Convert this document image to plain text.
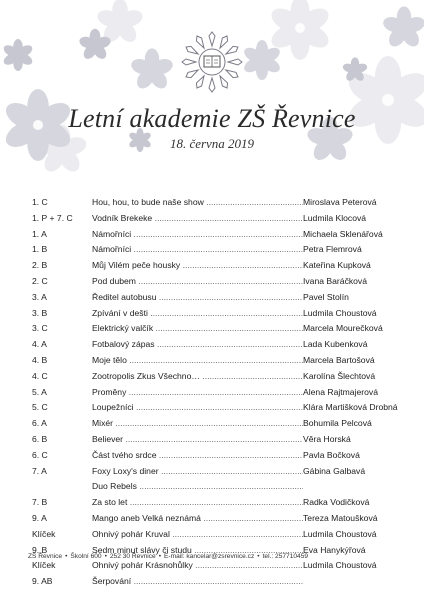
Letní akademie ZŠ Řevnice
18. června 2019
1. C	Hou, hou, to bude naše show .....	Miroslava Peterová
1. P + 7. C	Vodník Brekeke .....	Ludmila Klocová
1. A	Námořníci .....	Michaela Sklenářová
1. B	Námořníci .....	Petra Flemrová
2. B	Můj Vilém peče housky .....	Kateřina Kupková
2. C	Pod dubem .....	Ivana Baráčková
3. A	Ředitel autobusu .....	Pavel Stolín
3. B	Zpívání v dešti .....	Ludmila Choustová
3. C	Elektrický valčík .....	Marcela Mourečková
4. A	Fotbalový zápas .....	Lada Kubenková
4. B	Moje tělo .....	Marcela Bartošová
4. C	Zootropolis Zkus Všechno… .....	Karolína Šlechtová
5. A	Proměny .....	Alena Rajtmajerová
5. C	Loupežníci .....	Klára Martišková Drobná
6. A	Mixér .....	Bohumila Pelcová
6. B	Believer .....	Věra Horská
6. C	Část tvého srdce .....	Pavla Bočková
7. A	Foxy Loxy's diner .....	Gábina Galbavá
Duo Rebels .....
7. B	Za sto let .....	Radka Vodičková
9. A	Mango aneb Velká neznámá .....	Tereza Matoušková
Klíček	Ohnivý pohár Kruval .....	Ludmila Choustová
9. B	Sedm minut slávy či studu .....	Eva Hanykýřová
Klíček	Ohnivý pohár Krásnohůlky .....	Ludmila Choustová
9. AB	Šerpování .....
ZŠ Řevnice • Školní 600 • 252 30 Řevnice • E-mail: kancelar@zsrevnice.cz • tel.: 257710459
